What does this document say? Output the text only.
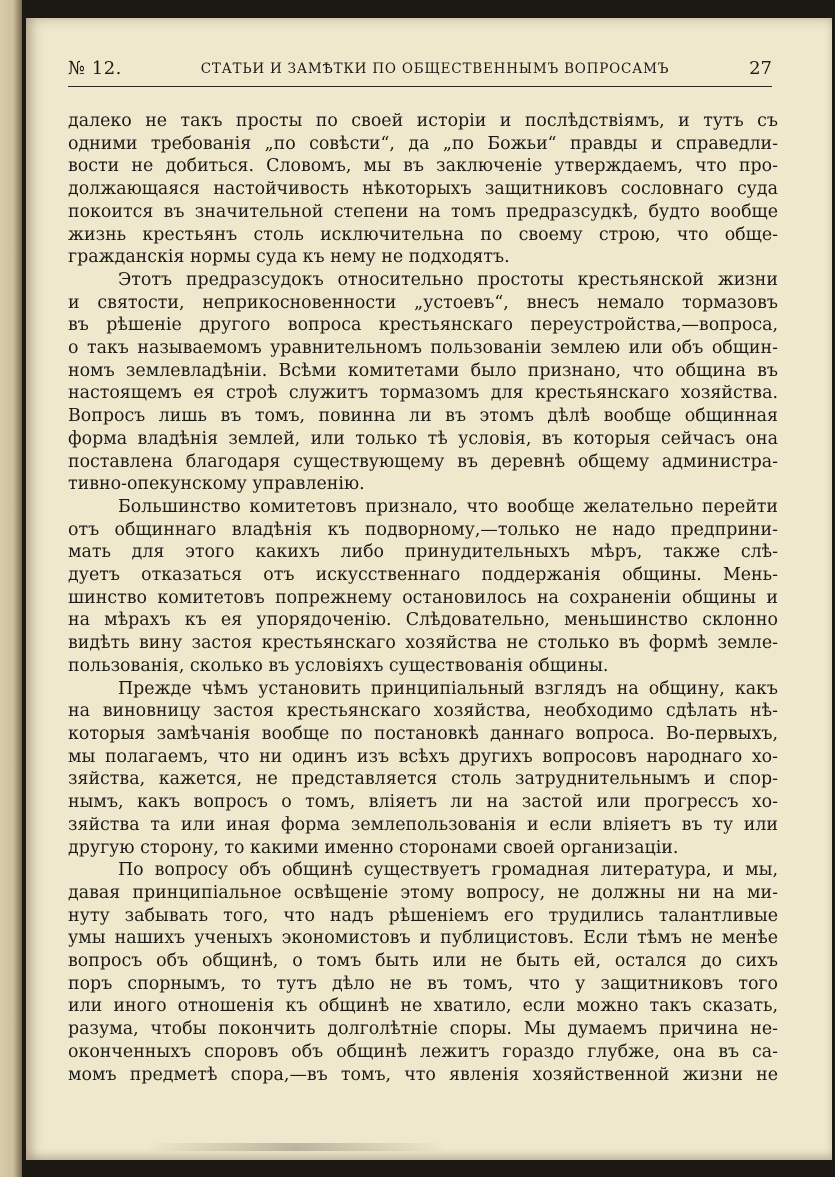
№ 12.	СТАТЬИ И ЗАМѢТКИ ПО ОБЩЕСТВЕННЫМЪ ВОПРОСАМЪ	27
далеко не такъ просты по своей исторіи и послѣдствіямъ, и тутъ съ
одними требованія „по совѣсти“, да „по Божьи“ правды и справедли-
вости не добиться. Словомъ, мы въ заключеніе утверждаемъ, что про-
должающаяся настойчивость нѣкоторыхъ защитниковъ сословнаго суда
покоится въ значительной степени на томъ предразсудкѣ, будто вообще
жизнь крестьянъ столь исключительна по своему строю, что обще-
гражданскія нормы суда къ нему не подходятъ.
Этотъ предразсудокъ относительно простоты крестьянской жизни
и святости, неприкосновенности „устоевъ“, внесъ немало тормазовъ
въ рѣшеніе другого вопроса крестьянскаго переустройства,—вопроса,
о такъ называемомъ уравнительномъ пользованіи землею или объ общин-
номъ землевладѣніи. Всѣми комитетами было признано, что община въ
настоящемъ ея строѣ служитъ тормазомъ для крестьянскаго хозяйства.
Вопросъ лишь въ томъ, повинна ли въ этомъ дѣлѣ вообще общинная
форма владѣнія землей, или только тѣ условія, въ которыя сейчасъ она
поставлена благодаря существующему въ деревнѣ общему администра-
тивно-опекунскому управленію.
Большинство комитетовъ признало, что вообще желательно перейти
отъ общиннаго владѣнія къ подворному,—только не надо предприни-
мать для этого какихъ либо принудительныхъ мѣръ, также слѣ-
дуетъ отказаться отъ искусственнаго поддержанія общины. Мень-
шинство комитетовъ попрежнему остановилось на сохраненіи общины и
на мѣрахъ къ ея упорядоченію. Слѣдовательно, меньшинство склонно
видѣть вину застоя крестьянскаго хозяйства не столько въ формѣ земле-
пользованія, сколько въ условіяхъ существованія общины.
Прежде чѣмъ установить принципіальный взглядъ на общину, какъ
на виновницу застоя крестьянскаго хозяйства, необходимо сдѣлать нѣ-
которыя замѣчанія вообще по постановкѣ даннаго вопроса. Во-первыхъ,
мы полагаемъ, что ни одинъ изъ всѣхъ другихъ вопросовъ народнаго хо-
зяйства, кажется, не представляется столь затруднительнымъ и спор-
нымъ, какъ вопросъ о томъ, вліяетъ ли на застой или прогрессъ хо-
зяйства та или иная форма землепользованія и если вліяетъ въ ту или
другую сторону, то какими именно сторонами своей организаціи.
По вопросу объ общинѣ существуетъ громадная литература, и мы,
давая принципіальное освѣщеніе этому вопросу, не должны ни на ми-
нуту забывать того, что надъ рѣшеніемъ его трудились талантливые
умы нашихъ ученыхъ экономистовъ и публицистовъ. Если тѣмъ не менѣе
вопросъ объ общинѣ, о томъ быть или не быть ей, остался до сихъ
поръ спорнымъ, то тутъ дѣло не въ томъ, что у защитниковъ того
или иного отношенія къ общинѣ не хватило, если можно такъ сказать,
разума, чтобы покончить долголѣтніе споры. Мы думаемъ причина не-
оконченныхъ споровъ объ общинѣ лежитъ гораздо глубже, она въ са-
момъ предметѣ спора,—въ томъ, что явленія хозяйственной жизни не
